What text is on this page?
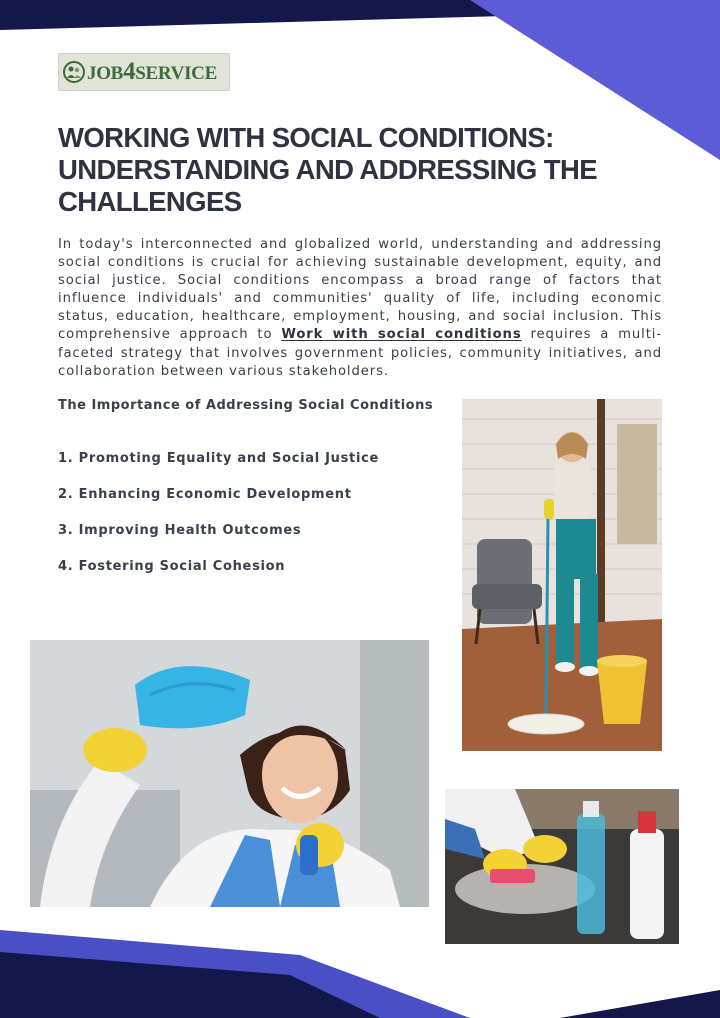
JOB4SERVICE
WORKING WITH SOCIAL CONDITIONS:
UNDERSTANDING AND ADDRESSING THE
CHALLENGES

In today's interconnected and globalized world, understanding and addressing social conditions is crucial for achieving sustainable development, equity, and social justice. Social conditions encompass a broad range of factors that influence individuals' and communities' quality of life, including economic status, education, healthcare, employment, housing, and social inclusion. This comprehensive approach to Work with social conditions requires a multi-faceted strategy that involves government policies, community initiatives, and collaboration between various stakeholders.

The Importance of Addressing Social Conditions
1. Promoting Equality and Social Justice
2. Enhancing Economic Development
3. Improving Health Outcomes
4. Fostering Social Cohesion
